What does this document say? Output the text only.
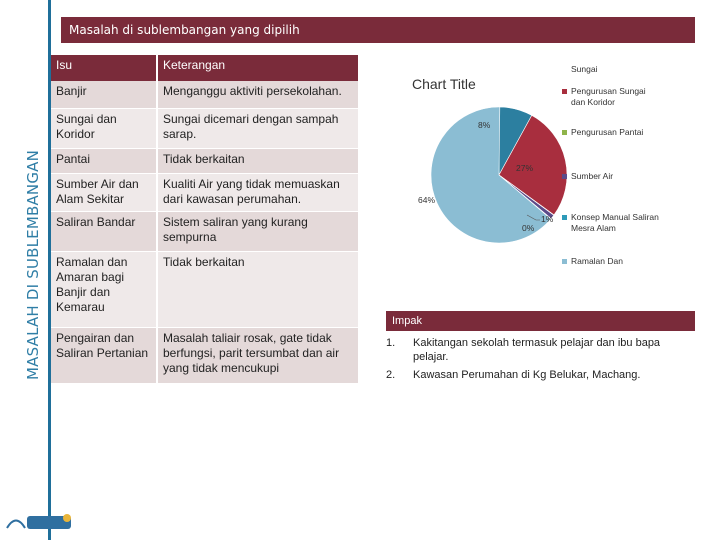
MASALAH DI SUBLEMBANGAN
Masalah di sublembangan yang dipilih
Isu	Keterangan
Banjir	Menganggu aktiviti persekolahan.
Sungai dan Koridor	Sungai dicemari dengan sampah sarap.
Pantai	Tidak berkaitan
Sumber Air dan Alam Sekitar	Kualiti Air yang tidak memuaskan dari kawasan perumahan.
Saliran Bandar	Sistem saliran yang kurang sempurna
Ramalan dan Amaran bagi Banjir dan Kemarau	Tidak berkaitan
Pengairan dan Saliran Pertanian	Masalah taliair rosak, gate tidak berfungsi, parit tersumbat dan air yang tidak mencukupi
Chart Title
8%
27%
0%
1%
64%
Sungai
Pengurusan Sungai dan Koridor
Pengurusan Pantai
Sumber Air
Konsep Manual Saliran Mesra Alam
Ramalan Dan
Impak
1. Kakitangan sekolah termasuk pelajar dan ibu bapa pelajar.
2. Kawasan Perumahan di Kg Belukar, Machang.
